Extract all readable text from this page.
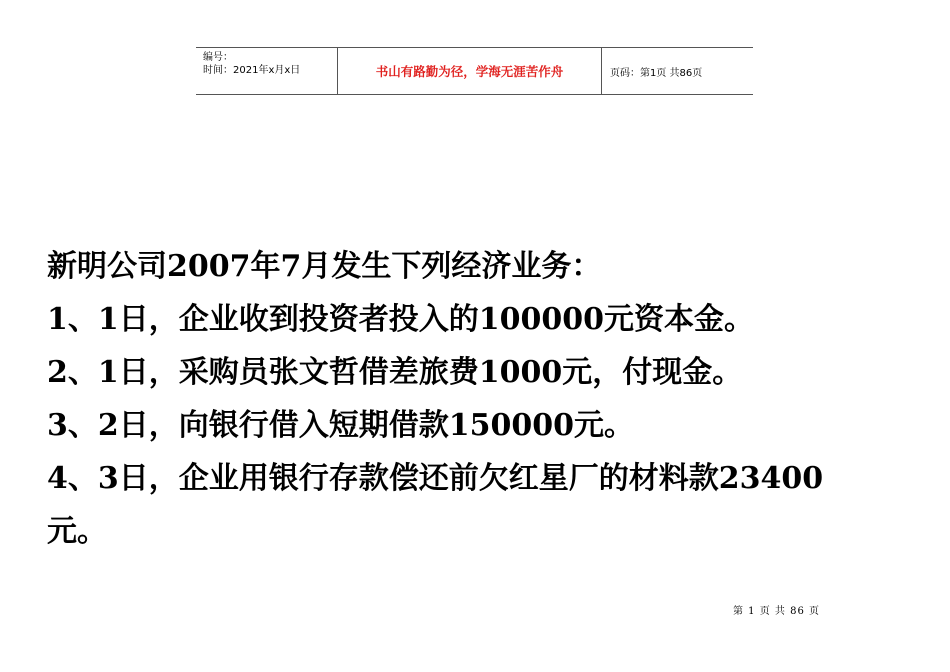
编号：
时间：2021年x月x日	书山有路勤为径，学海无涯苦作舟	页码：第1页 共86页
新明公司2007年7月发生下列经济业务：
1、1日，企业收到投资者投入的100000元资本金。
2、1日，采购员张文哲借差旅费1000元，付现金。
3、2日，向银行借入短期借款150000元。
4、3日，企业用银行存款偿还前欠红星厂的材料款23400
元。
第 1 页 共 86 页
